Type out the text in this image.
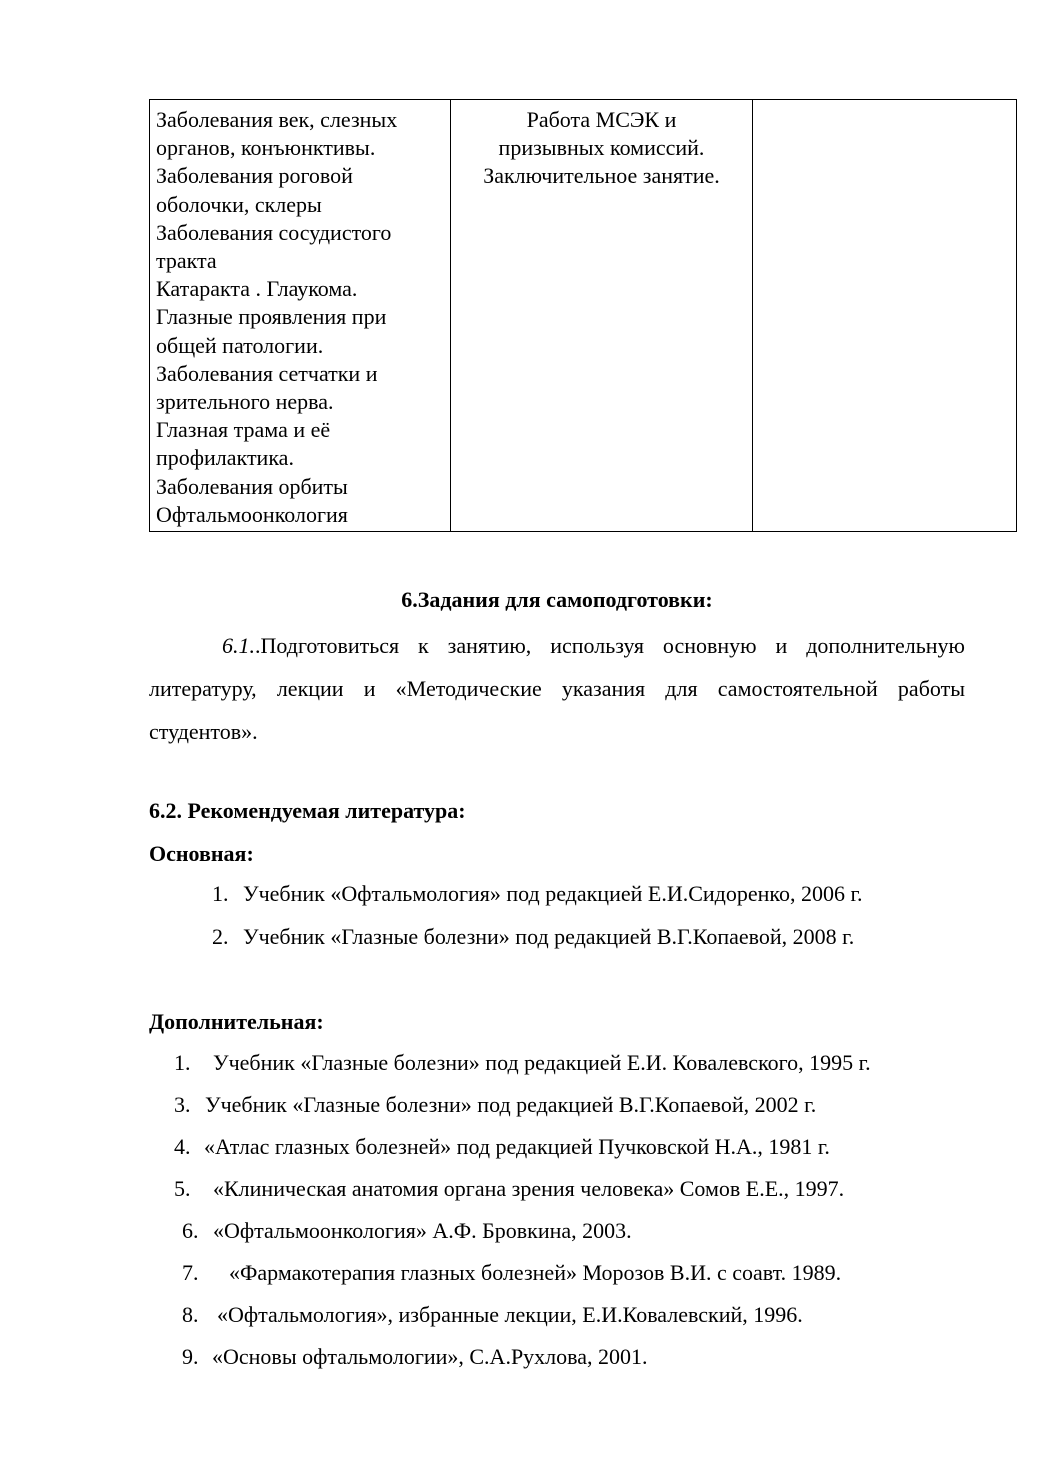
Заболевания век, слезных
органов, конъюнктивы.
Заболевания роговой
оболочки, склеры
Заболевания сосудистого
тракта
Катаракта . Глаукома.
Глазные проявления при
общей патологии.
Заболевания сетчатки и
зрительного нерва.
Глазная трама и её
профилактика.
Заболевания орбиты
Офтальмоонкология

Работа МСЭК и
призывных комиссий.
Заключительное занятие.

6.Задания для самоподготовки:
6.1..Подготовиться к занятию, используя основную и дополнительную
литературу, лекции и «Методические указания для самостоятельной работы
студентов».
6.2. Рекомендуемая литература:
Основная:
1. Учебник «Офтальмология» под редакцией Е.И.Сидоренко, 2006 г.
2. Учебник «Глазные болезни» под редакцией В.Г.Копаевой, 2008 г.
Дополнительная:
1. Учебник «Глазные болезни» под редакцией Е.И. Ковалевского, 1995 г.
3. Учебник «Глазные болезни» под редакцией В.Г.Копаевой, 2002 г.
4. «Атлас глазных болезней» под редакцией Пучковской Н.А., 1981 г.
5. «Клиническая анатомия органа зрения человека» Сомов Е.Е., 1997.
6. «Офтальмоонкология» А.Ф. Бровкина, 2003.
7. «Фармакотерапия глазных болезней» Морозов В.И. с соавт. 1989.
8. «Офтальмология», избранные лекции, Е.И.Ковалевский, 1996.
9. «Основы офтальмологии», С.А.Рухлова, 2001.
